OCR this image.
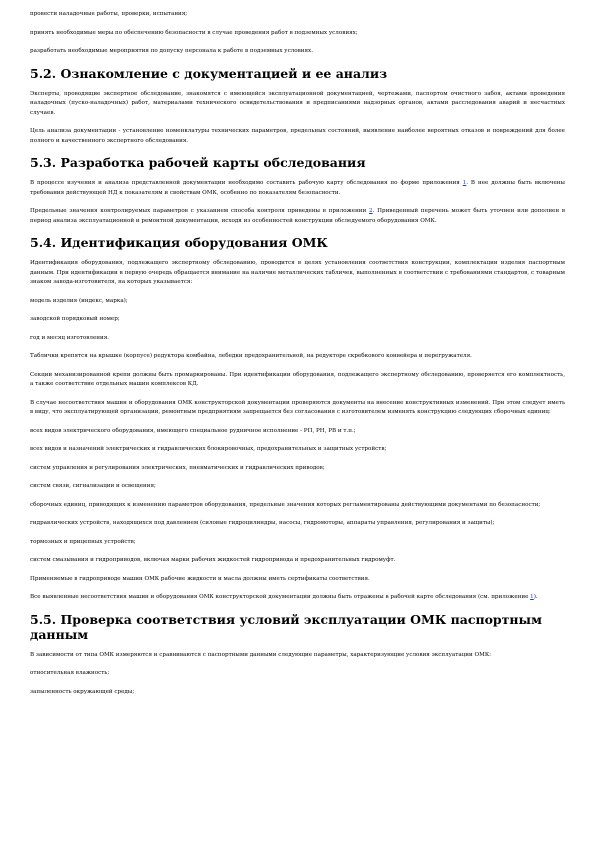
провести наладочные работы, проверки, испытания;

принять необходимые меры по обеспечению безопасности в случае проведения работ в подземных условиях;

разработать необходимые мероприятия по допуску персонала к работе в подземных условиях.

5.2. Ознакомление с документацией и ее анализ

Эксперты, проводящие экспертное обследование, знакомятся с имеющейся эксплуатационной документацией, чертежами, паспортом очистного забоя, актами проведения наладочных (пуско-наладочных) работ, материалами технического освидетельствования и предписаниями надзорных органов, актами расследования аварий и несчастных случаев.

Цель анализа документации - установление номенклатуры технических параметров, предельных состояний, выявление наиболее вероятных отказов и повреждений для более полного и качественного экспертного обследования.

5.3. Разработка рабочей карты обследования

В процессе изучения и анализа представленной документации необходимо составить рабочую карту обследования по форме приложения 1. В нее должны быть включены требования действующей НД к показателям и свойствам ОМК, особенно по показателям безопасности.

Предельные значения контролируемых параметров с указанием способа контроля приведены в приложении 2. Приведенный перечень может быть уточнен или дополнен в период анализа эксплуатационной и ремонтной документации, исходя из особенностей конструкции обследуемого оборудования ОМК.

5.4. Идентификация оборудования ОМК

Идентификация оборудования, подлежащего экспертному обследованию, проводится в целях установления соответствия конструкции, комплектации изделия паспортным данным. При идентификации в первую очередь обращается внимание на наличие металлических табличек, выполненных в соответствии с требованиями стандартов, с товарным знаком завода-изготовителя, на которых указывается:

модель изделия (индекс, марка);

заводской порядковый номер;

год и месяц изготовления.

Таблички крепятся на крышке (корпусе) редуктора комбайна, лебедки предохранительной, на редукторе скребкового конвейера и перегружателя.

Секции механизированной крепи должны быть промаркированы. При идентификации оборудования, подлежащего экспертному обследованию, проверяется его комплектность, а также соответствие отдельных машин комплексов КД.

В случае несоответствия машин и оборудования ОМК конструкторской документации проверяются документы на внесение конструктивных изменений. При этом следует иметь в виду, что эксплуатирующей организации, ремонтным предприятиям запрещается без согласования с изготовителем изменять конструкцию следующих сборочных единиц:

всех видов электрического оборудования, имеющего специальное рудничное исполнение - РП, РН, РВ и т.п.;

всех видов и назначений электрических и гидравлических блокировочных, предохранительных и защитных устройств;

систем управления и регулирования электрических, пневматических и гидравлических приводов;

систем связи, сигнализации и освещения;

сборочных единиц, приводящих к изменению параметров оборудования, предельные значения которых регламентированы действующими документами по безопасности;

гидравлических устройств, находящихся под давлением (силовые гидроцилиндры, насосы, гидромоторы, аппараты управления, регулирования и защиты);

тормозных и прицепных устройств;

систем смазывания и гидроприводов, включая марки рабочих жидкостей гидропривода и предохранительных гидромуфт.

Применяемые в гидроприводе машин ОМК рабочие жидкости и масла должны иметь сертификаты соответствия.

Все выявленные несоответствия машин и оборудования ОМК конструкторской документации должны быть отражены в рабочей карте обследования (см. приложение 1).

5.5. Проверка соответствия условий эксплуатации ОМК паспортным данным

В зависимости от типа ОМК измеряются и сравниваются с паспортными данными следующие параметры, характеризующие условия эксплуатации ОМК:

относительная влажность;

запыленность окружающей среды;
